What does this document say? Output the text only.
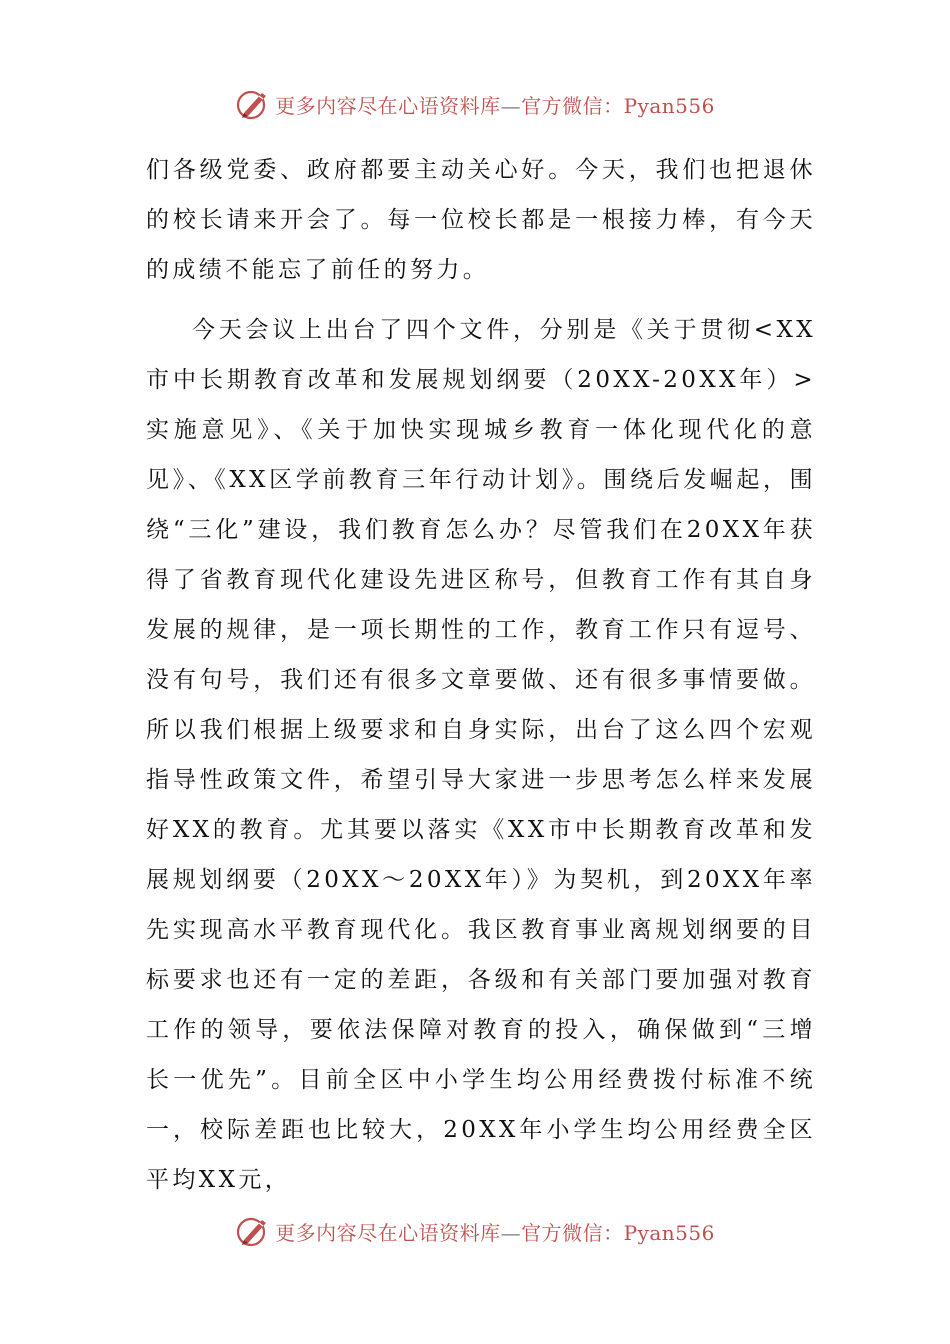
更多内容尽在心语资料库—官方微信：Pyan556

们各级党委、政府都要主动关心好。今天，我们也把退休的校长请来开会了。每一位校长都是一根接力棒，有今天的成绩不能忘了前任的努力。

今天会议上出台了四个文件，分别是《关于贯彻<XX市中长期教育改革和发展规划纲要（20XX-20XX年）>实施意见》、《关于加快实现城乡教育一体化现代化的意见》、《XX区学前教育三年行动计划》。围绕后发崛起，围绕“三化”建设，我们教育怎么办？尽管我们在20XX年获得了省教育现代化建设先进区称号，但教育工作有其自身发展的规律，是一项长期性的工作，教育工作只有逗号、没有句号，我们还有很多文章要做、还有很多事情要做。所以我们根据上级要求和自身实际，出台了这么四个宏观指导性政策文件，希望引导大家进一步思考怎么样来发展好XX的教育。尤其要以落实《XX市中长期教育改革和发展规划纲要（20XX～20XX年）》为契机，到20XX年率先实现高水平教育现代化。我区教育事业离规划纲要的目标要求也还有一定的差距，各级和有关部门要加强对教育工作的领导，要依法保障对教育的投入，确保做到“三增长一优先”。目前全区中小学生均公用经费拨付标准不统一，校际差距也比较大，20XX年小学生均公用经费全区平均XX元，

更多内容尽在心语资料库—官方微信：Pyan556
